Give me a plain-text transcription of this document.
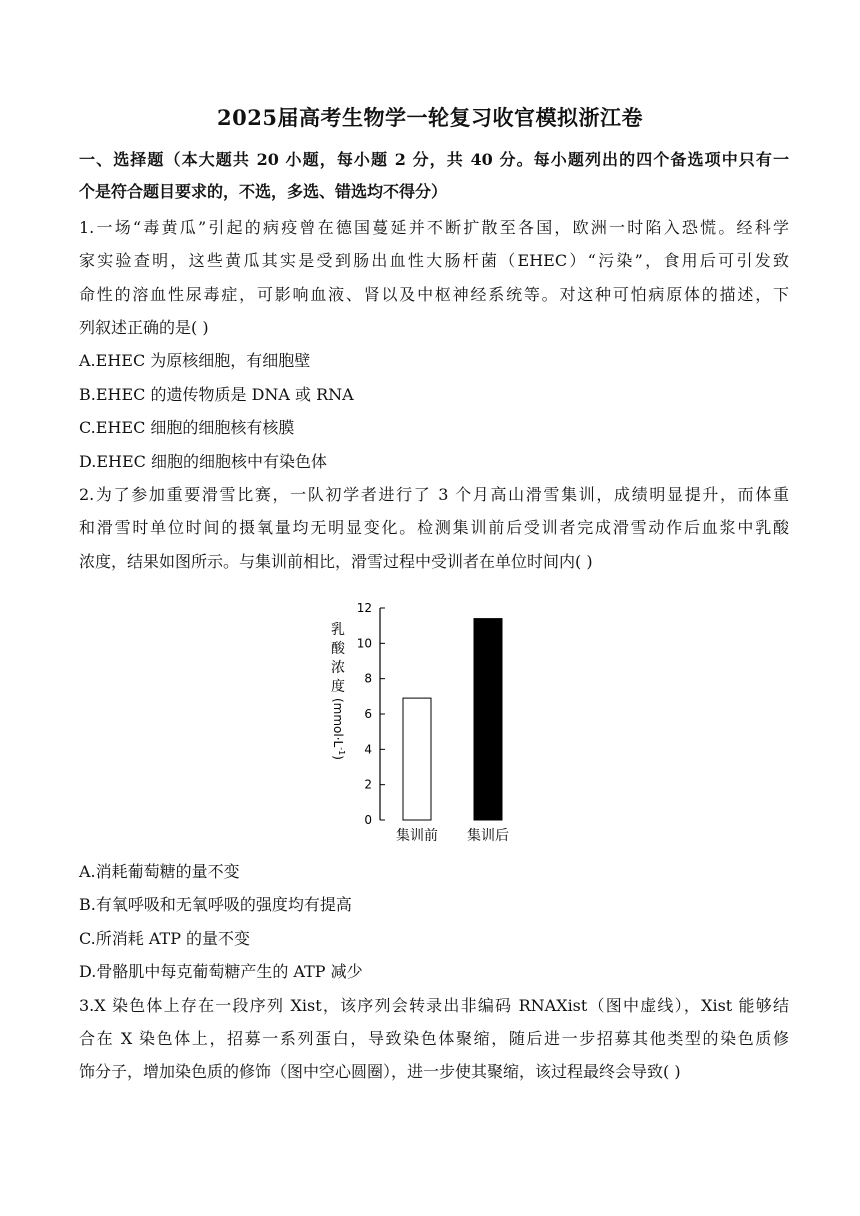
2025届高考生物学一轮复习收官模拟浙江卷
一、选择题（本大题共 20 小题，每小题 2 分，共 40 分。每小题列出的四个备选项中只有一
个是符合题目要求的，不选，多选、错选均不得分）
1.一场“毒黄瓜”引起的病疫曾在德国蔓延并不断扩散至各国，欧洲一时陷入恐慌。经科学
家实验查明，这些黄瓜其实是受到肠出血性大肠杆菌（EHEC）“污染”，食用后可引发致
命性的溶血性尿毒症，可影响血液、肾以及中枢神经系统等。对这种可怕病原体的描述，下
列叙述正确的是( )
A.EHEC 为原核细胞，有细胞壁
B.EHEC 的遗传物质是 DNA 或 RNA
C.EHEC 细胞的细胞核有核膜
D.EHEC 细胞的细胞核中有染色体
2.为了参加重要滑雪比赛，一队初学者进行了 3 个月高山滑雪集训，成绩明显提升，而体重
和滑雪时单位时间的摄氧量均无明显变化。检测集训前后受训者完成滑雪动作后血浆中乳酸
浓度，结果如图所示。与集训前相比，滑雪过程中受训者在单位时间内( )
乳
酸
浓
度
$(mmol\cdot L^{-1})$
0
2
4
6
8
10
12
集训前 集训后
A.消耗葡萄糖的量不变
B.有氧呼吸和无氧呼吸的强度均有提高
C.所消耗 ATP 的量不变
D.骨骼肌中每克葡萄糖产生的 ATP 减少
3.X 染色体上存在一段序列 Xist，该序列会转录出非编码 RNAXist（图中虚线），Xist 能够结
合在 X 染色体上，招募一系列蛋白，导致染色体聚缩，随后进一步招募其他类型的染色质修
饰分子，增加染色质的修饰（图中空心圆圈），进一步使其聚缩，该过程最终会导致( )
